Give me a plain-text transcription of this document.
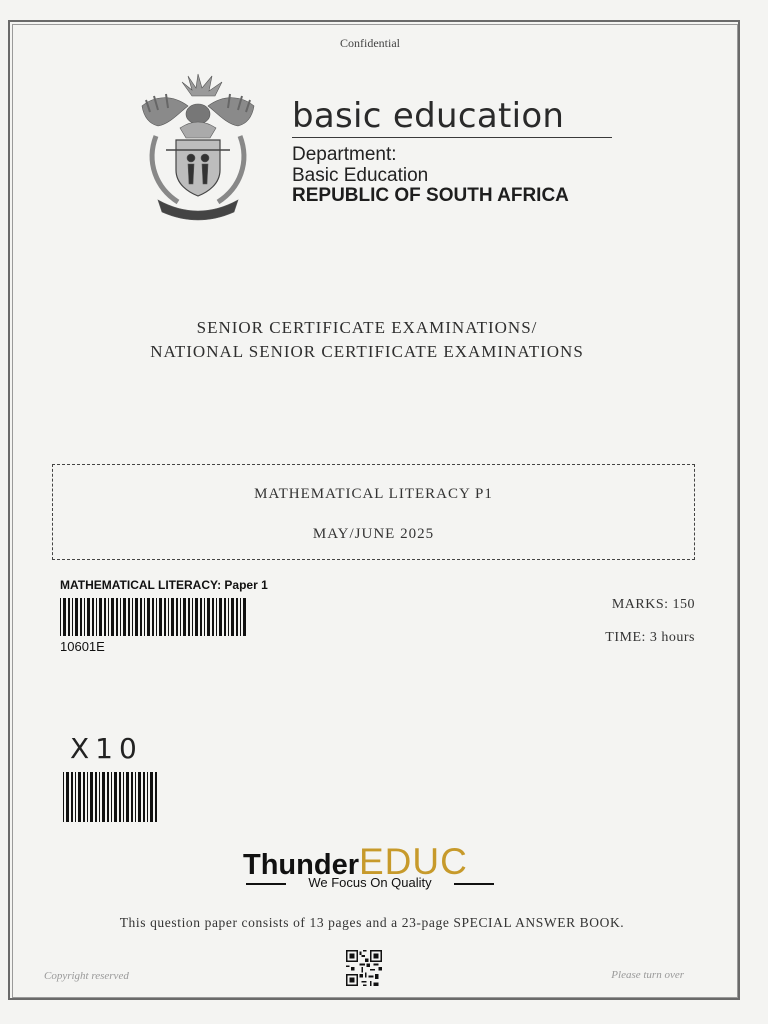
Confidential
basic education
Department:
Basic Education
REPUBLIC OF SOUTH AFRICA
SENIOR CERTIFICATE EXAMINATIONS/
NATIONAL SENIOR CERTIFICATE EXAMINATIONS
MATHEMATICAL LITERACY P1
MAY/JUNE 2025
MATHEMATICAL LITERACY: Paper 1
10601E
MARKS: 150
TIME: 3 hours
X10
ThunderEDUC
We Focus On Quality
This question paper consists of 13 pages and a 23-page SPECIAL ANSWER BOOK.
Copyright reserved	Please turn over
